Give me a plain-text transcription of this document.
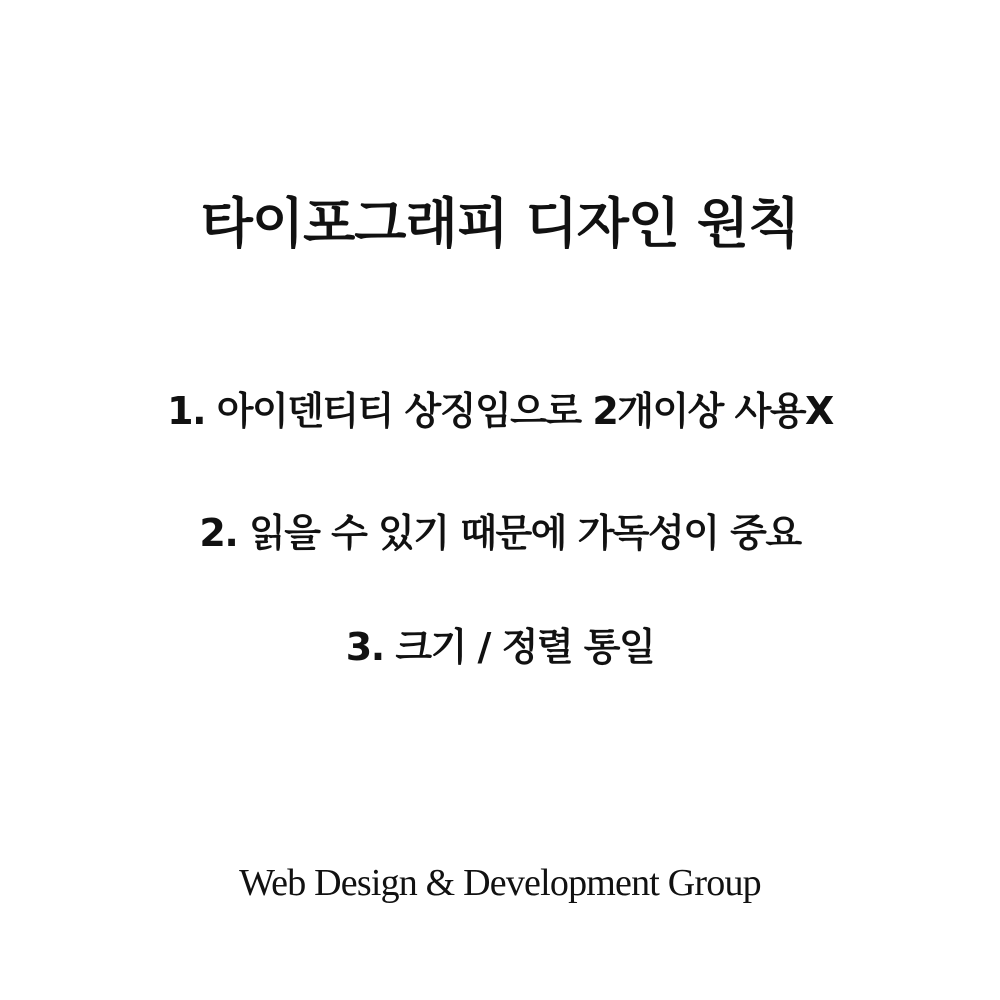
타이포그래피 디자인 원칙

1. 아이덴티티 상징임으로 2개이상 사용X

2. 읽을 수 있기 때문에 가독성이 중요

3. 크기 / 정렬 통일

Web Design & Development Group
